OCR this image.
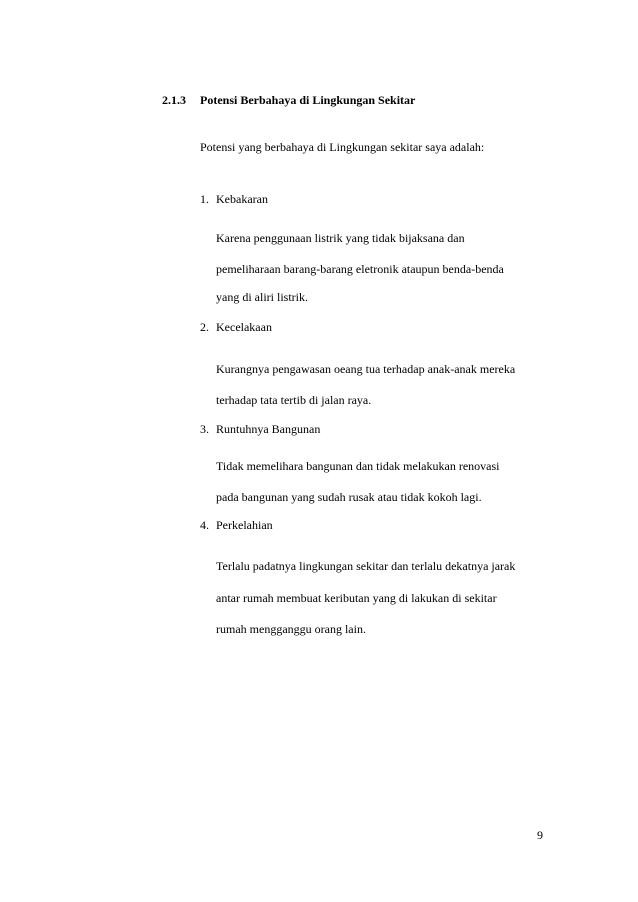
2.1.3 Potensi Berbahaya di Lingkungan Sekitar
Potensi yang berbahaya di Lingkungan sekitar saya adalah:
1. Kebakaran
Karena penggunaan listrik yang tidak bijaksana dan
pemeliharaan barang-barang eletronik ataupun benda-benda
yang di aliri listrik.
2. Kecelakaan
Kurangnya pengawasan oeang tua terhadap anak-anak mereka
terhadap tata tertib di jalan raya.
3. Runtuhnya Bangunan
Tidak memelihara bangunan dan tidak melakukan renovasi
pada bangunan yang sudah rusak atau tidak kokoh lagi.
4. Perkelahian
Terlalu padatnya lingkungan sekitar dan terlalu dekatnya jarak
antar rumah membuat keributan yang di lakukan di sekitar
rumah mengganggu orang lain.
9
